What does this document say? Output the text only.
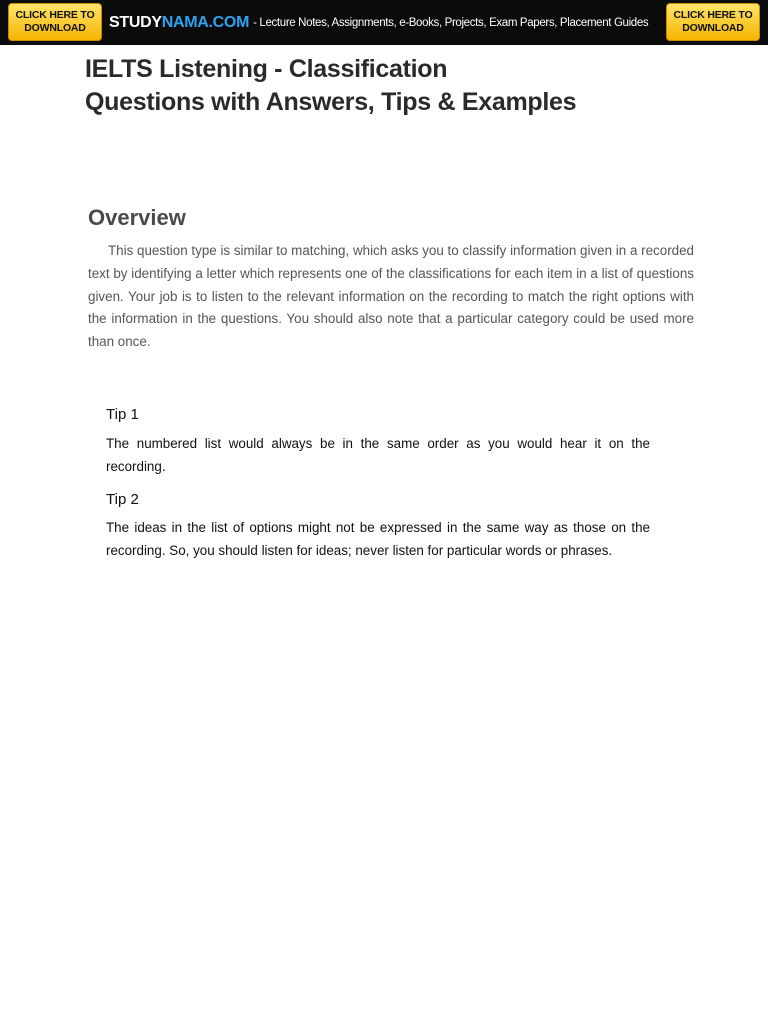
CLICK HERE TO
DOWNLOAD STUDY NAMA.COM - Lecture Notes, Assignments, e-Books, Projects, Exam Papers, Placement Guides
CLICK HERE TO
DOWNLOAD
IELTS Listening - Classification
Questions with Answers, Tips & Examples
Overview

This question type is similar to matching, which asks you to classify information given in a recorded text by identifying a letter which represents one of the classifications for each item in a list of questions given. Your job is to listen to the relevant information on the recording to match the right options with the information in the questions. You should also note that a particular category could be used more than once.

Tip 1

The numbered list would always be in the same order as you would hear it on the recording.

Tip 2

The ideas in the list of options might not be expressed in the same way as those on the recording. So, you should listen for ideas; never listen for particular words or phrases.
